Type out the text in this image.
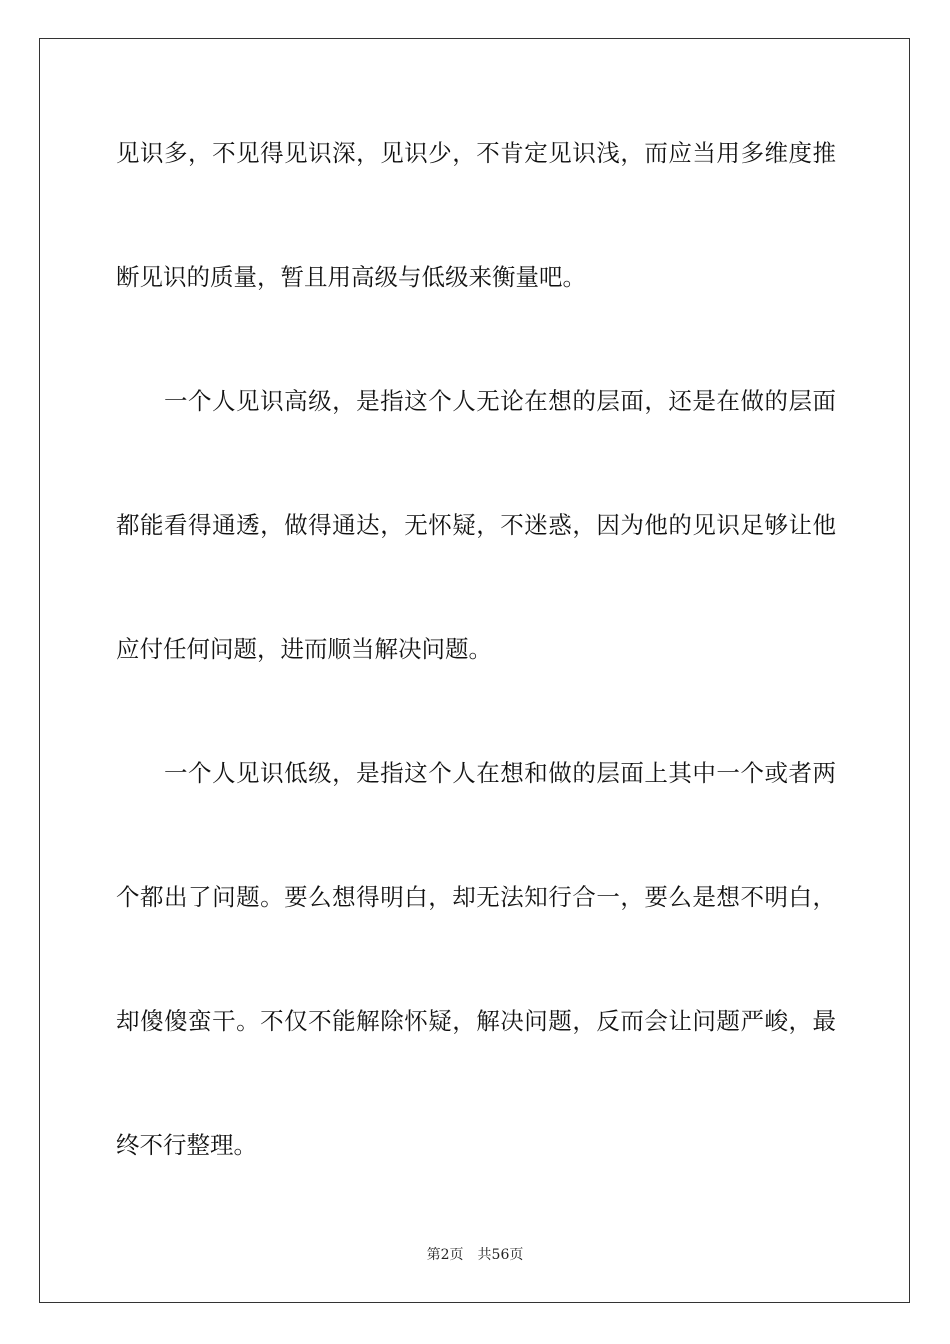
见识多，不见得见识深，见识少，不肯定见识浅，而应当用多维度推
断见识的质量，暂且用高级与低级来衡量吧。
一个人见识高级，是指这个人无论在想的层面，还是在做的层面
都能看得通透，做得通达，无怀疑，不迷惑，因为他的见识足够让他
应付任何问题，进而顺当解决问题。
一个人见识低级，是指这个人在想和做的层面上其中一个或者两
个都出了问题。要么想得明白，却无法知行合一，要么是想不明白，
却傻傻蛮干。不仅不能解除怀疑，解决问题，反而会让问题严峻，最
终不行整理。
第2页 共56页
